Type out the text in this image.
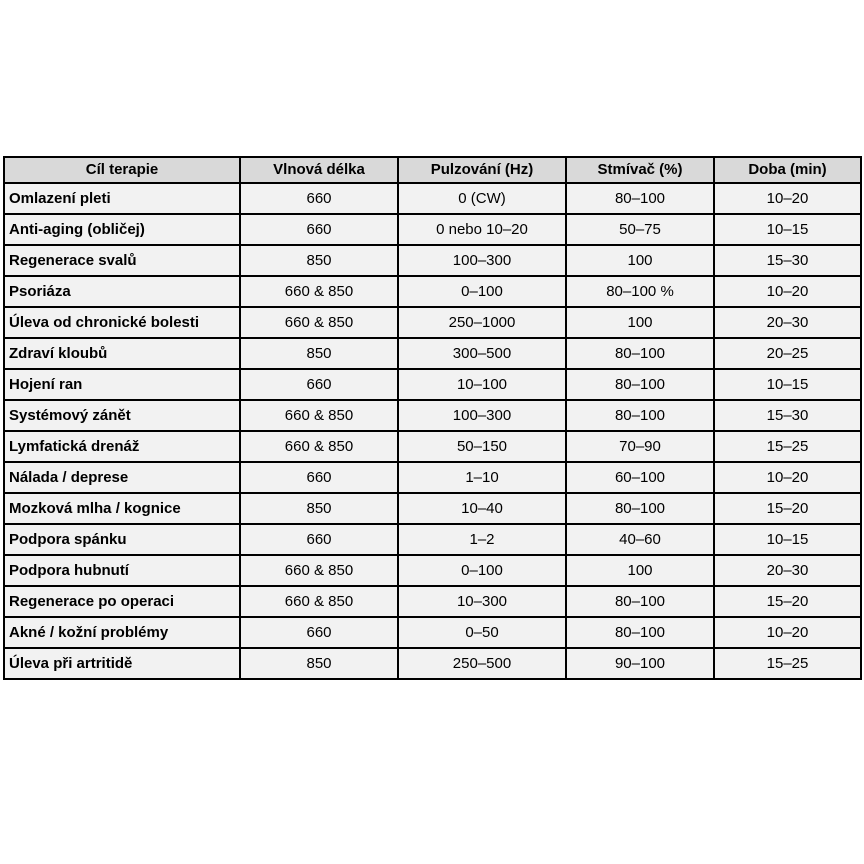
Cíl terapie	Vlnová délka	Pulzování (Hz)	Stmívač (%)	Doba (min)
Omlazení pleti	660	0 (CW)	80–100	10–20
Anti-aging (obličej)	660	0 nebo 10–20	50–75	10–15
Regenerace svalů	850	100–300	100	15–30
Psoriáza	660 & 850	0–100	80–100 %	10–20
Úleva od chronické bolesti	660 & 850	250–1000	100	20–30
Zdraví kloubů	850	300–500	80–100	20–25
Hojení ran	660	10–100	80–100	10–15
Systémový zánět	660 & 850	100–300	80–100	15–30
Lymfatická drenáž	660 & 850	50–150	70–90	15–25
Nálada / deprese	660	1–10	60–100	10–20
Mozková mlha / kognice	850	10–40	80–100	15–20
Podpora spánku	660	1–2	40–60	10–15
Podpora hubnutí	660 & 850	0–100	100	20–30
Regenerace po operaci	660 & 850	10–300	80–100	15–20
Akné / kožní problémy	660	0–50	80–100	10–20
Úleva při artritidě	850	250–500	90–100	15–25
